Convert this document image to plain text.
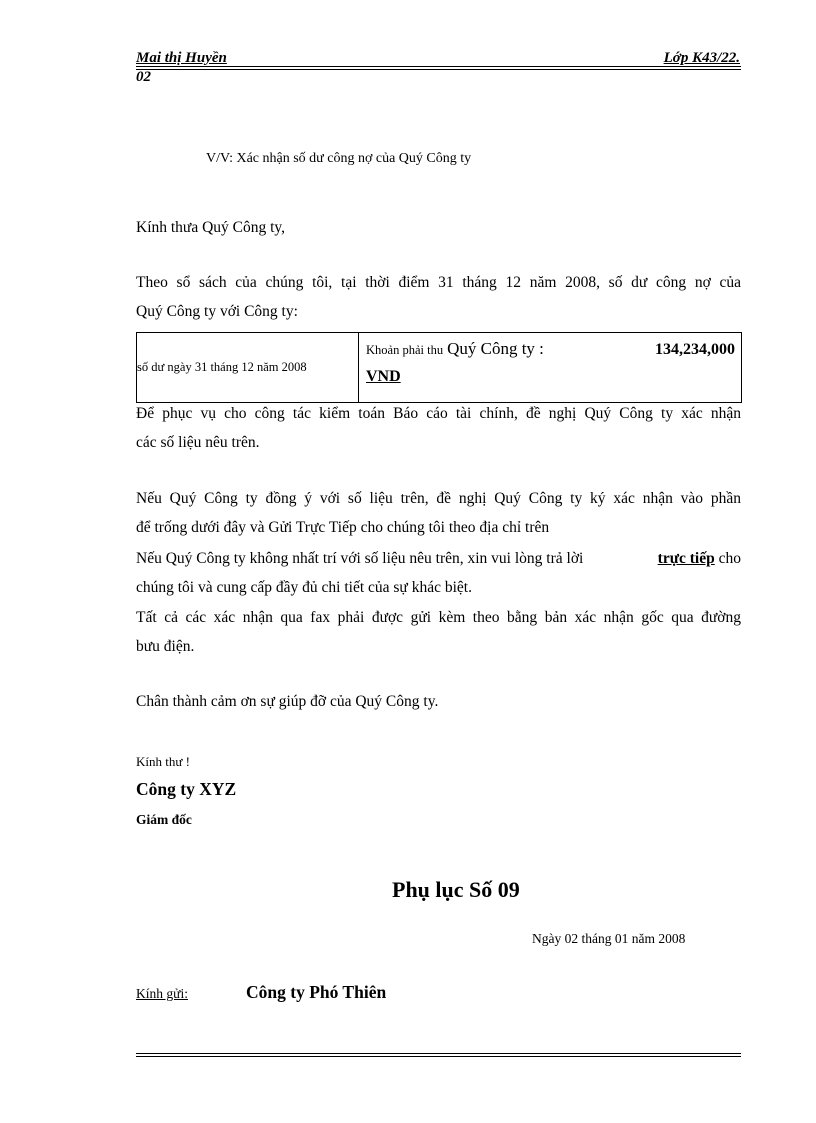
Mai thị Huyền	Lớp K43/22.
02
V/V: Xác nhận số dư công nợ của Quý Công ty
Kính thưa Quý Công ty,
Theo sổ sách của chúng tôi, tại thời điểm 31 tháng 12 năm 2008, số dư công nợ của
Quý Công ty với Công ty:
số dư ngày 31 tháng 12 năm 2008	
Khoản phải thu Quý Công ty :	134,234,000
VND
Để phục vụ cho công tác kiểm toán Báo cáo tài chính, đề nghị Quý Công ty xác nhận
các số liệu nêu trên.
Nếu Quý Công ty đồng ý với số liệu trên, đề nghị Quý Công ty ký xác nhận vào phần
để trống dưới đây và Gửi Trực Tiếp cho chúng tôi theo địa chỉ trên
Nếu Quý Công ty không nhất trí với số liệu nêu trên, xin vui lòng trả lời	trực tiếp cho
chúng tôi và cung cấp đầy đủ chi tiết của sự khác biệt.
Tất cả các xác nhận qua fax phải được gửi kèm theo bằng bản xác nhận gốc qua đường
bưu điện.
Chân thành cảm ơn sự giúp đỡ của Quý Công ty.
Kính thư !
Công ty XYZ
Giám đốc
Phụ lục Số 09
Ngày 02 tháng 01 năm 2008
Kính gửi:	Công ty Phó Thiên
